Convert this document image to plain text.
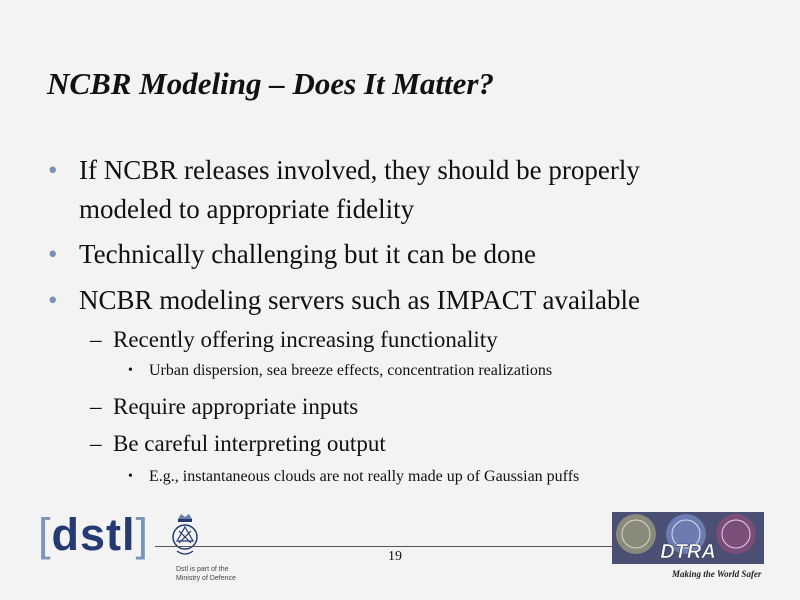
NCBR Modeling – Does It Matter?
• If NCBR releases involved, they should be properly
modeled to appropriate fidelity
• Technically challenging but it can be done
• NCBR modeling servers such as IMPACT available
– Recently offering increasing functionality
• Urban dispersion, sea breeze effects, concentration realizations
– Require appropriate inputs
– Be careful interpreting output
• E.g., instantaneous clouds are not really made up of Gaussian puffs
[dstl]
Dstl is part of the
Ministry of Defence
19	DTRA
Making the World Safer
